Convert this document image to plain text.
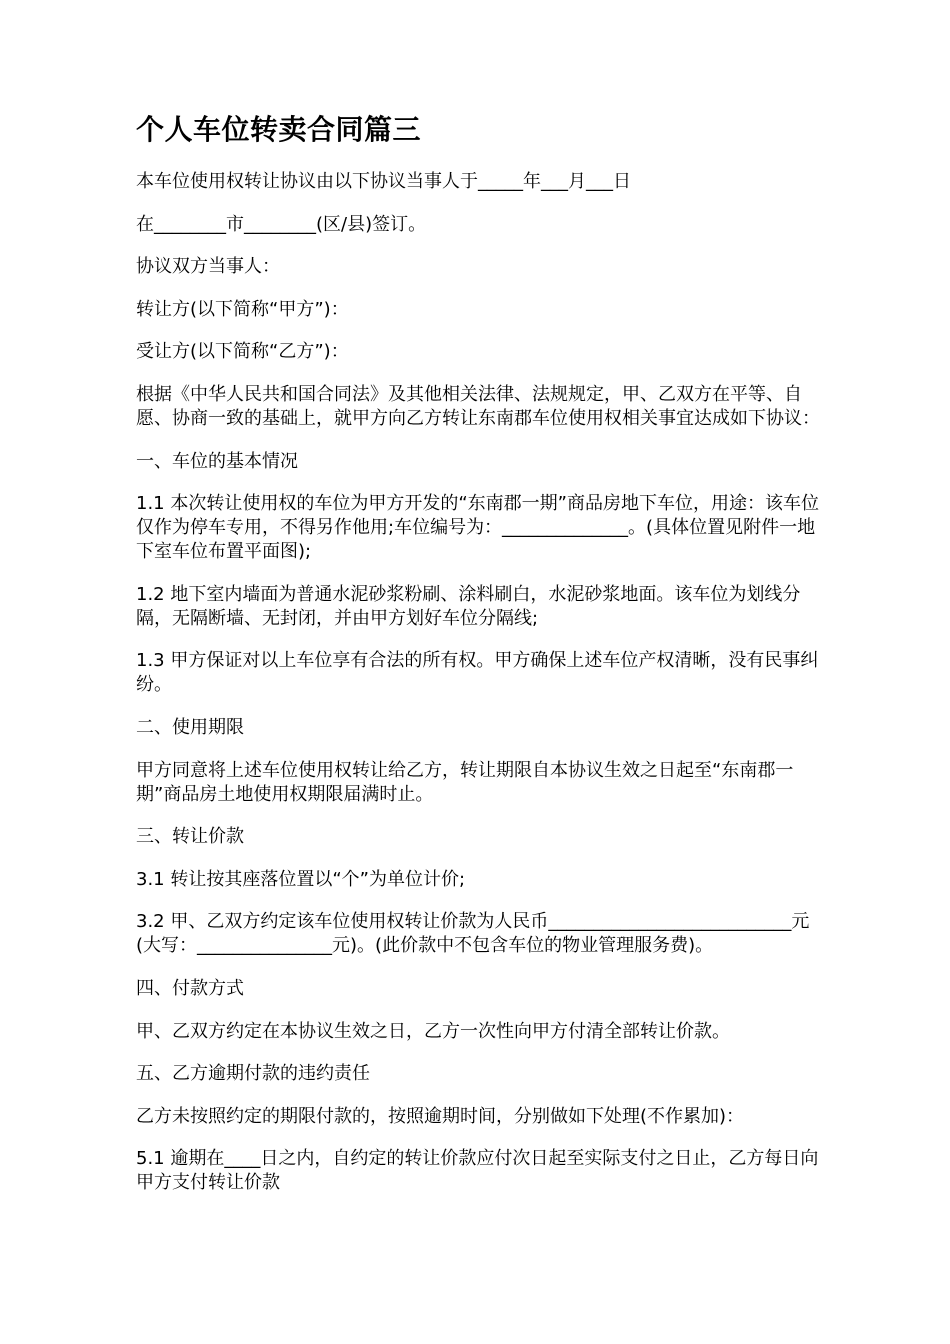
个人车位转卖合同篇三

本车位使用权转让协议由以下协议当事人于_____年___月___日

在________市________(区/县)签订。

协议双方当事人：

转让方(以下简称“甲方”)：

受让方(以下简称“乙方”)：

根据《中华人民共和国合同法》及其他相关法律、法规规定，甲、乙双方在平等、自愿、协商一致的基础上，就甲方向乙方转让东南郡车位使用权相关事宜达成如下协议：

一、车位的基本情况

1.1 本次转让使用权的车位为甲方开发的“东南郡一期”商品房地下车位，用途：该车位仅作为停车专用，不得另作他用;车位编号为：______________。(具体位置见附件一地下室车位布置平面图);

1.2 地下室内墙面为普通水泥砂浆粉刷、涂料刷白，水泥砂浆地面。该车位为划线分隔，无隔断墙、无封闭，并由甲方划好车位分隔线;

1.3 甲方保证对以上车位享有合法的所有权。甲方确保上述车位产权清晰，没有民事纠纷。

二、使用期限

甲方同意将上述车位使用权转让给乙方，转让期限自本协议生效之日起至“东南郡一期”商品房土地使用权期限届满时止。

三、转让价款

3.1 转让按其座落位置以“个”为单位计价;

3.2 甲、乙双方约定该车位使用权转让价款为人民币___________________________元(大写：_______________元)。(此价款中不包含车位的物业管理服务费)。

四、付款方式

甲、乙双方约定在本协议生效之日，乙方一次性向甲方付清全部转让价款。

五、乙方逾期付款的违约责任

乙方未按照约定的期限付款的，按照逾期时间，分别做如下处理(不作累加)：

5.1 逾期在____日之内，自约定的转让价款应付次日起至实际支付之日止，乙方每日向甲方支付转让价款
